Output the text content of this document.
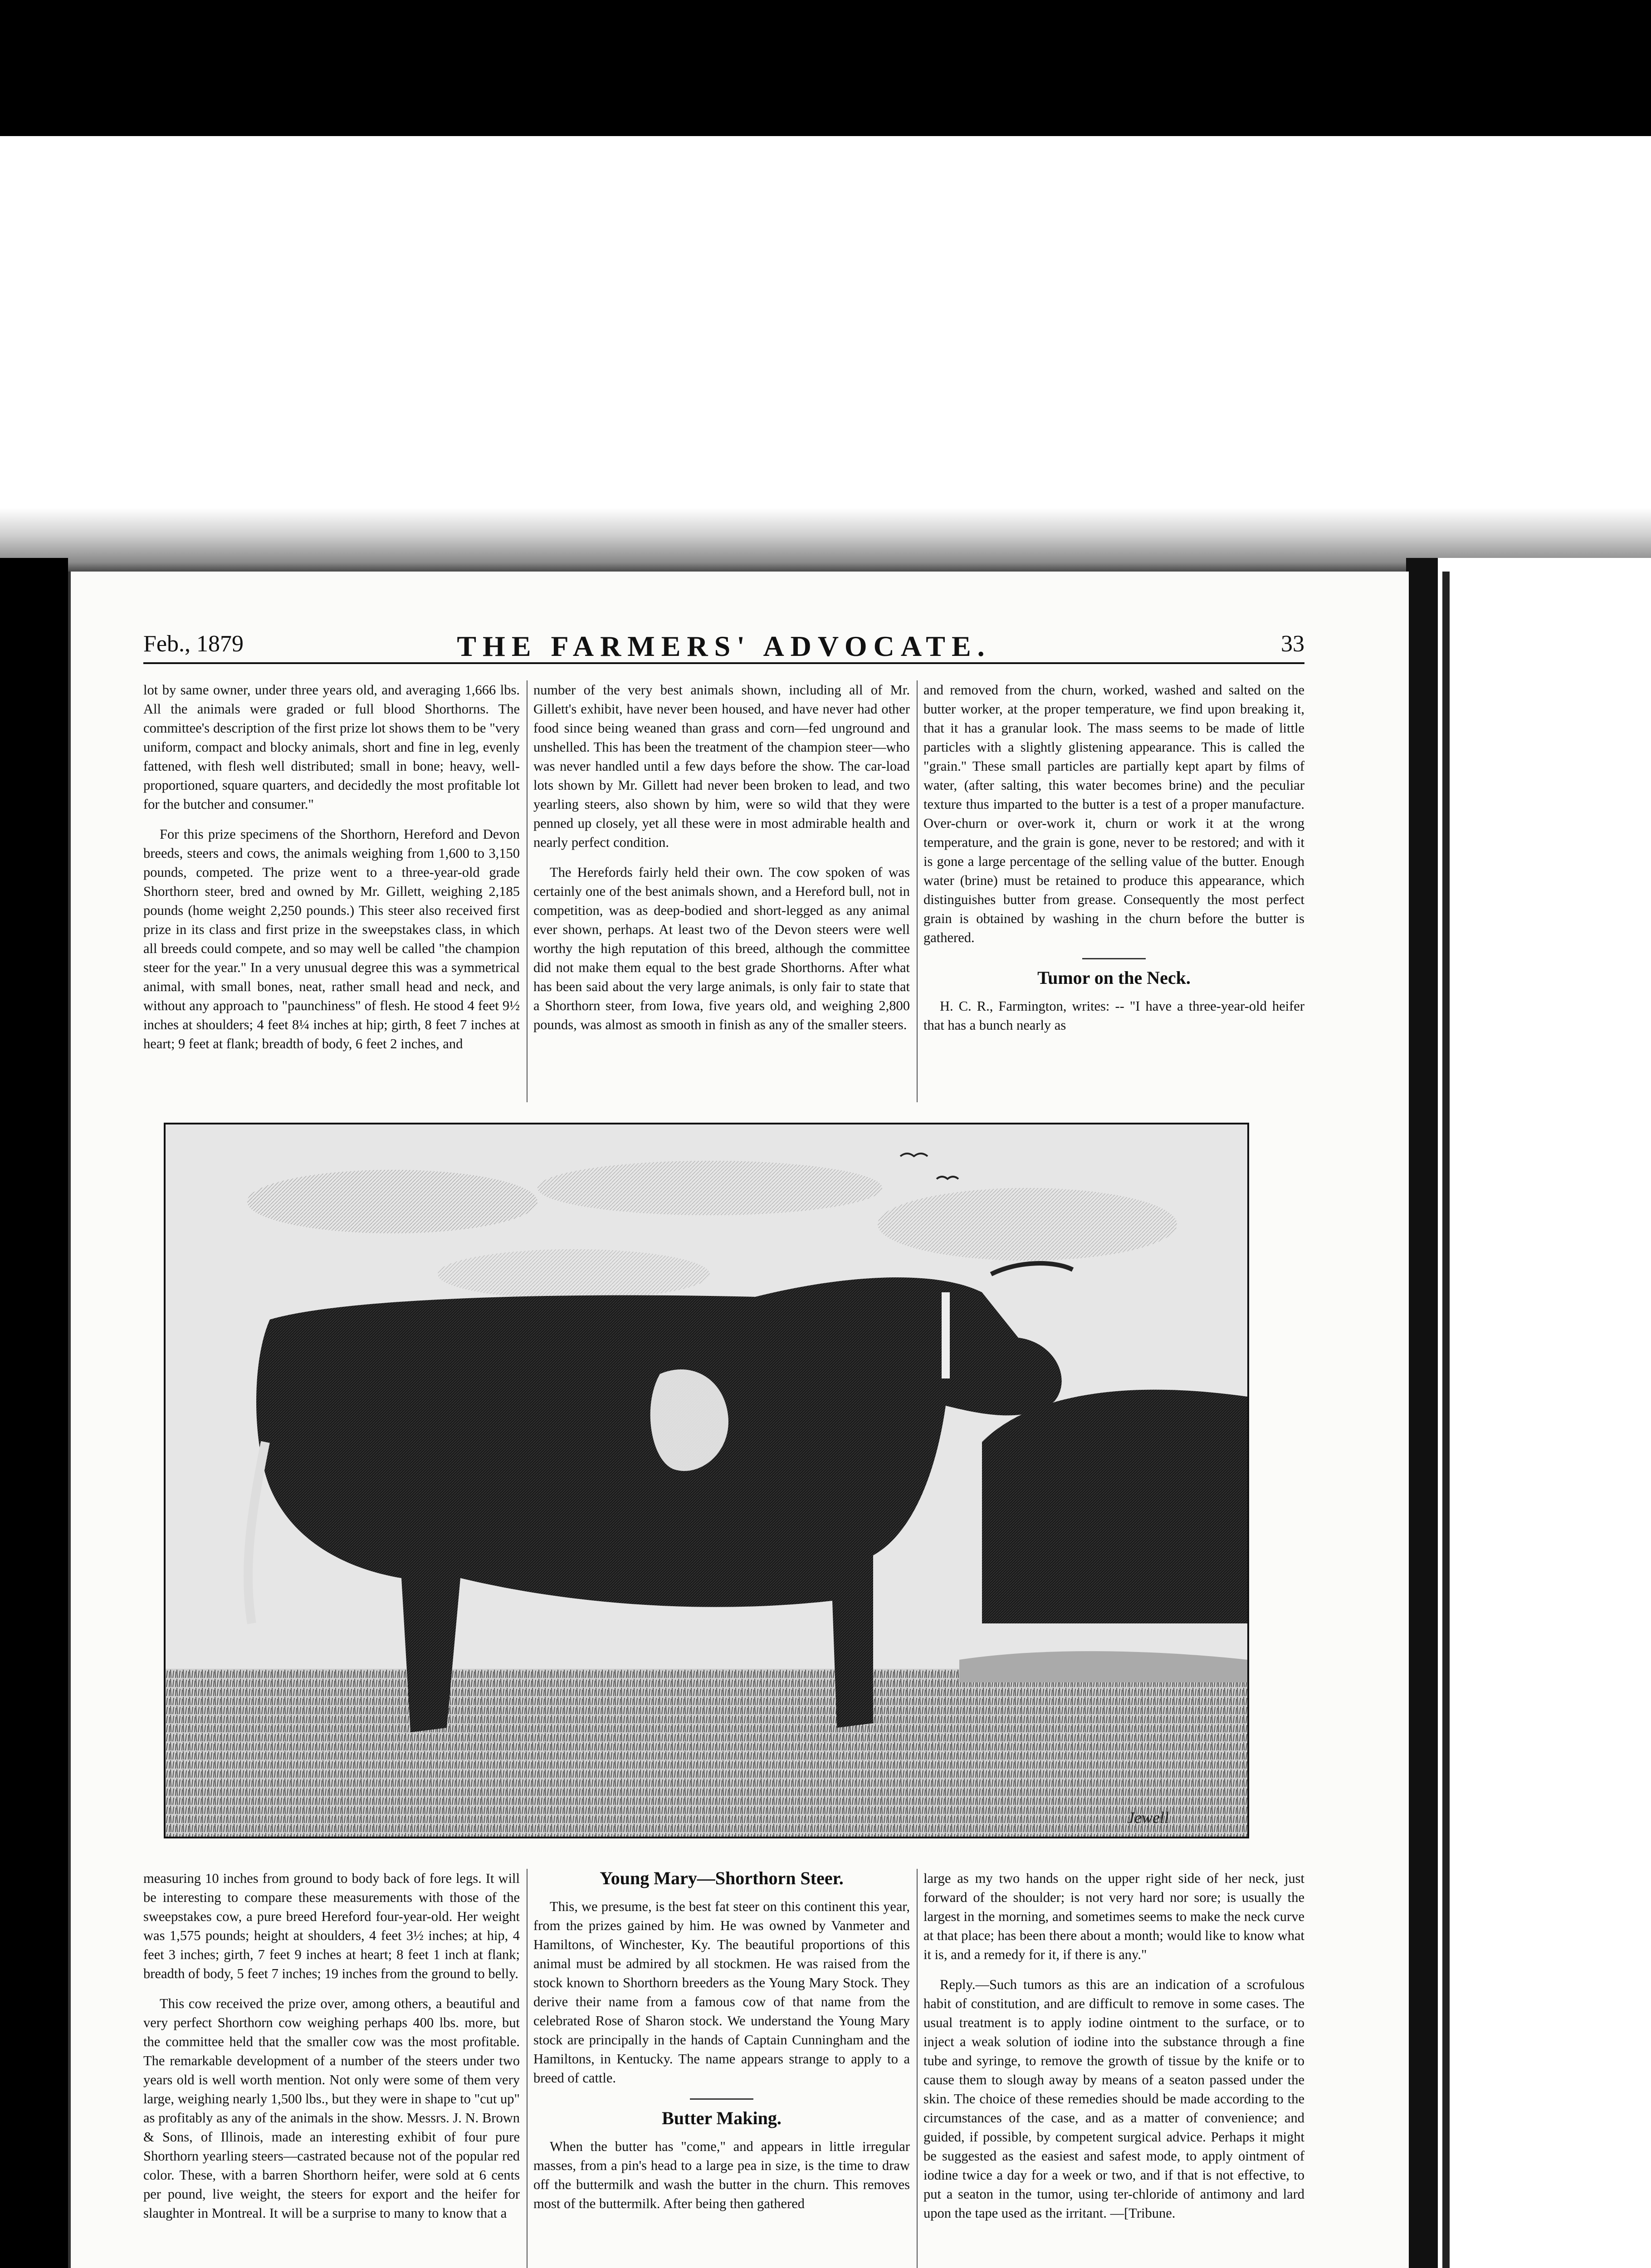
Feb., 1879	THE FARMERS' ADVOCATE.	33

lot by same owner, under three years old, and averaging 1,666 lbs. All the animals were graded or full blood Shorthorns. The committee's description of the first prize lot shows them to be "very uniform, compact and blocky animals, short and fine in leg, evenly fattened, with flesh well distributed; small in bone; heavy, well-proportioned, square quarters, and decidedly the most profitable lot for the butcher and consumer."

For this prize specimens of the Shorthorn, Hereford and Devon breeds, steers and cows, the animals weighing from 1,600 to 3,150 pounds, competed. The prize went to a three-year-old grade Shorthorn steer, bred and owned by Mr. Gillett, weighing 2,185 pounds (home weight 2,250 pounds.) This steer also received first prize in its class and first prize in the sweepstakes class, in which all breeds could compete, and so may well be called "the champion steer for the year." In a very unusual degree this was a symmetrical animal, with small bones, neat, rather small head and neck, and without any approach to "paunchiness" of flesh. He stood 4 feet 9½ inches at shoulders; 4 feet 8¼ inches at hip; girth, 8 feet 7 inches at heart; 9 feet at flank; breadth of body, 6 feet 2 inches, and

number of the very best animals shown, including all of Mr. Gillett's exhibit, have never been housed, and have never had other food since being weaned than grass and corn—fed unground and unshelled. This has been the treatment of the champion steer—who was never handled until a few days before the show. The car-load lots shown by Mr. Gillett had never been broken to lead, and two yearling steers, also shown by him, were so wild that they were penned up closely, yet all these were in most admirable health and nearly perfect condition.

The Herefords fairly held their own. The cow spoken of was certainly one of the best animals shown, and a Hereford bull, not in competition, was as deep-bodied and short-legged as any animal ever shown, perhaps. At least two of the Devon steers were well worthy the high reputation of this breed, although the committee did not make them equal to the best grade Shorthorns. After what has been said about the very large animals, is only fair to state that a Shorthorn steer, from Iowa, five years old, and weighing 2,800 pounds, was almost as smooth in finish as any of the smaller steers.

and removed from the churn, worked, washed and salted on the butter worker, at the proper temperature, we find upon breaking it, that it has a granular look. The mass seems to be made of little particles with a slightly glistening appearance. This is called the "grain." These small particles are partially kept apart by films of water, (after salting, this water becomes brine) and the peculiar texture thus imparted to the butter is a test of a proper manufacture. Over-churn or over-work it, churn or work it at the wrong temperature, and the grain is gone, never to be restored; and with it is gone a large percentage of the selling value of the butter. Enough water (brine) must be retained to produce this appearance, which distinguishes butter from grease. Consequently the most perfect grain is obtained by washing in the churn before the butter is gathered.

Tumor on the Neck.

H. C. R., Farmington, writes: -- "I have a three-year-old heifer that has a bunch nearly as

Jewell

measuring 10 inches from ground to body back of fore legs. It will be interesting to compare these measurements with those of the sweepstakes cow, a pure breed Hereford four-year-old. Her weight was 1,575 pounds; height at shoulders, 4 feet 3½ inches; at hip, 4 feet 3 inches; girth, 7 feet 9 inches at heart; 8 feet 1 inch at flank; breadth of body, 5 feet 7 inches; 19 inches from the ground to belly.

This cow received the prize over, among others, a beautiful and very perfect Shorthorn cow weighing perhaps 400 lbs. more, but the committee held that the smaller cow was the most profitable. The remarkable development of a number of the steers under two years old is well worth mention. Not only were some of them very large, weighing nearly 1,500 lbs., but they were in shape to "cut up" as profitably as any of the animals in the show. Messrs. J. N. Brown & Sons, of Illinois, made an interesting exhibit of four pure Shorthorn yearling steers—castrated because not of the popular red color. These, with a barren Shorthorn heifer, were sold at 6 cents per pound, live weight, the steers for export and the heifer for slaughter in Montreal. It will be a surprise to many to know that a

Young Mary—Shorthorn Steer.

This, we presume, is the best fat steer on this continent this year, from the prizes gained by him. He was owned by Vanmeter and Hamiltons, of Winchester, Ky. The beautiful proportions of this animal must be admired by all stockmen. He was raised from the stock known to Shorthorn breeders as the Young Mary Stock. They derive their name from a famous cow of that name from the celebrated Rose of Sharon stock. We understand the Young Mary stock are principally in the hands of Captain Cunningham and the Hamiltons, in Kentucky. The name appears strange to apply to a breed of cattle.

Butter Making.

When the butter has "come," and appears in little irregular masses, from a pin's head to a large pea in size, is the time to draw off the buttermilk and wash the butter in the churn. This removes most of the buttermilk. After being then gathered

large as my two hands on the upper right side of her neck, just forward of the shoulder; is not very hard nor sore; is usually the largest in the morning, and sometimes seems to make the neck curve at that place; has been there about a month; would like to know what it is, and a remedy for it, if there is any."

Reply.—Such tumors as this are an indication of a scrofulous habit of constitution, and are difficult to remove in some cases. The usual treatment is to apply iodine ointment to the surface, or to inject a weak solution of iodine into the substance through a fine tube and syringe, to remove the growth of tissue by the knife or to cause them to slough away by means of a seaton passed under the skin. The choice of these remedies should be made according to the circumstances of the case, and as a matter of convenience; and guided, if possible, by competent surgical advice. Perhaps it might be suggested as the easiest and safest mode, to apply ointment of iodine twice a day for a week or two, and if that is not effective, to put a seaton in the tumor, using ter-chloride of antimony and lard upon the tape used as the irritant. —[Tribune.
